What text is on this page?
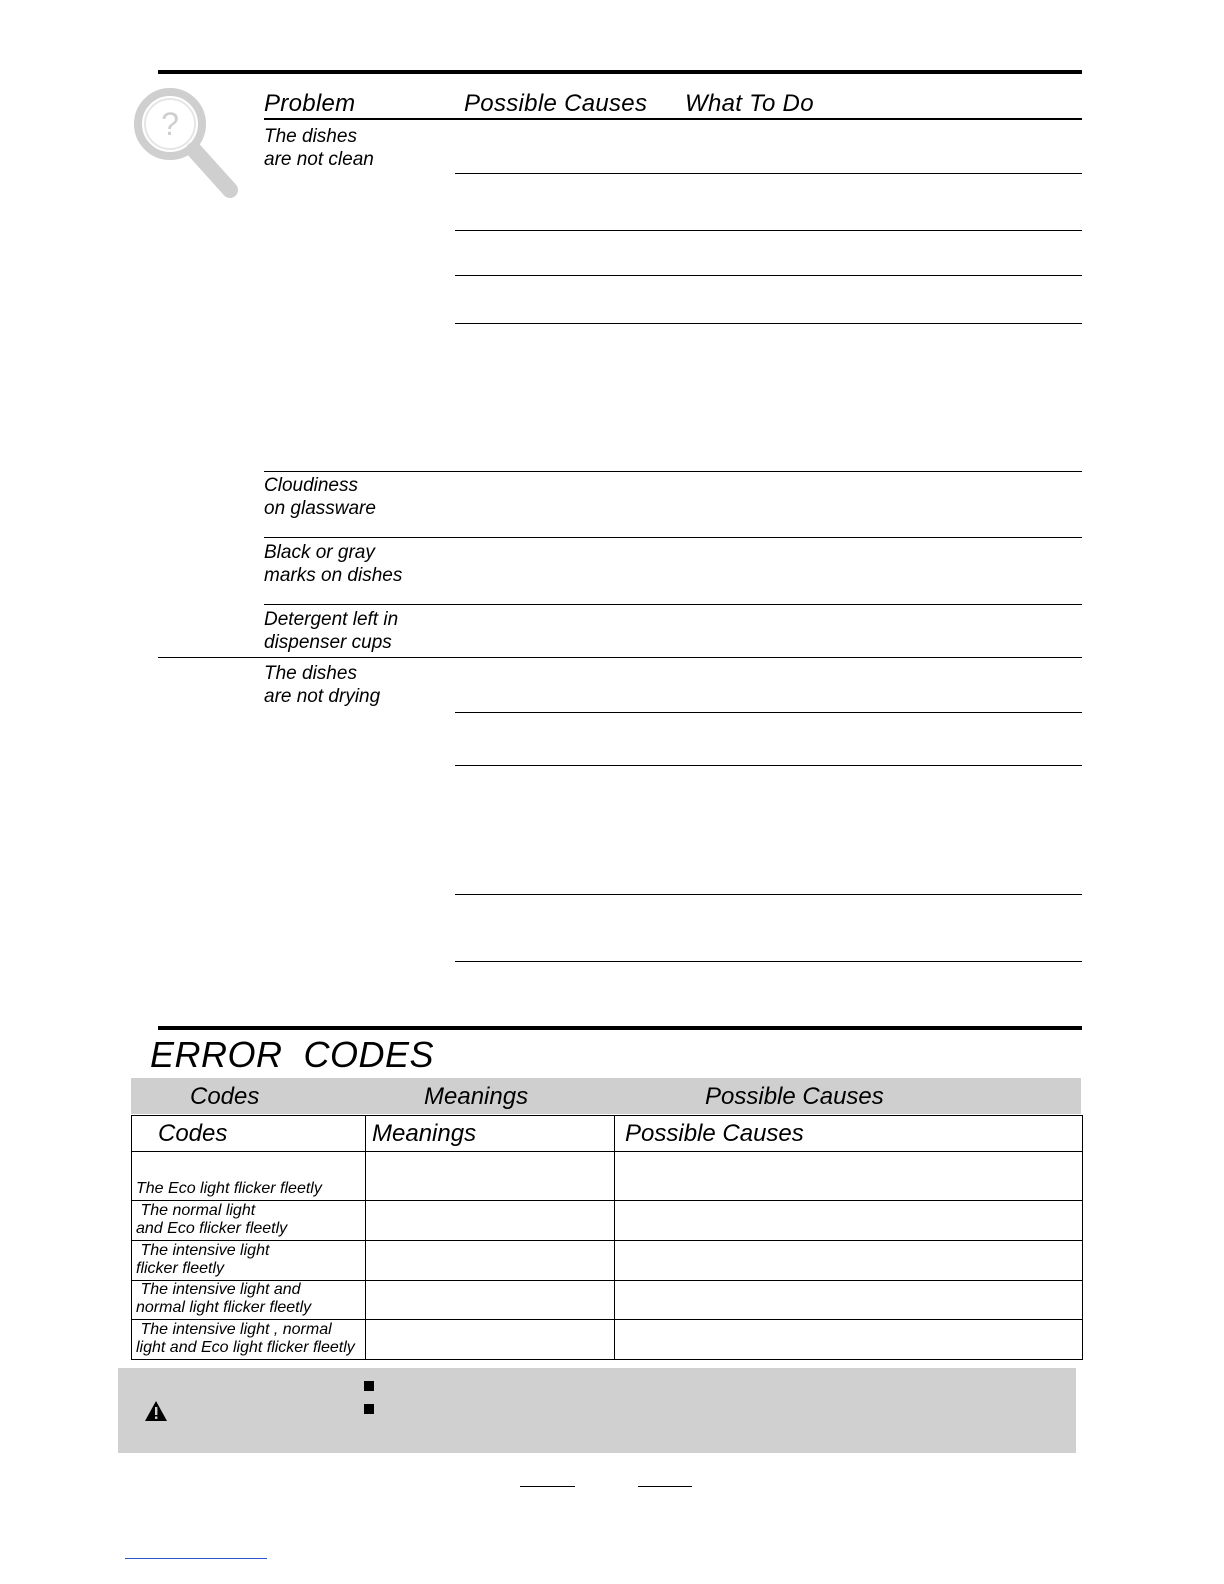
?
Problem	Possible Causes What To Do
The dishes
are not clean
Cloudiness
on glassware
Black or gray
marks on dishes
Detergent left in
dispenser cups
The dishes
are not drying
ERROR  CODES
Codes	Meanings	Possible Causes
Codes	Meanings	Possible Causes
The Eco light flicker fleetly		
The normal light
and Eco flicker fleetly		
The intensive light
flicker fleetly		
The intensive light and
normal light flicker fleetly		
The intensive light , normal
light and Eco light flicker fleetly		
